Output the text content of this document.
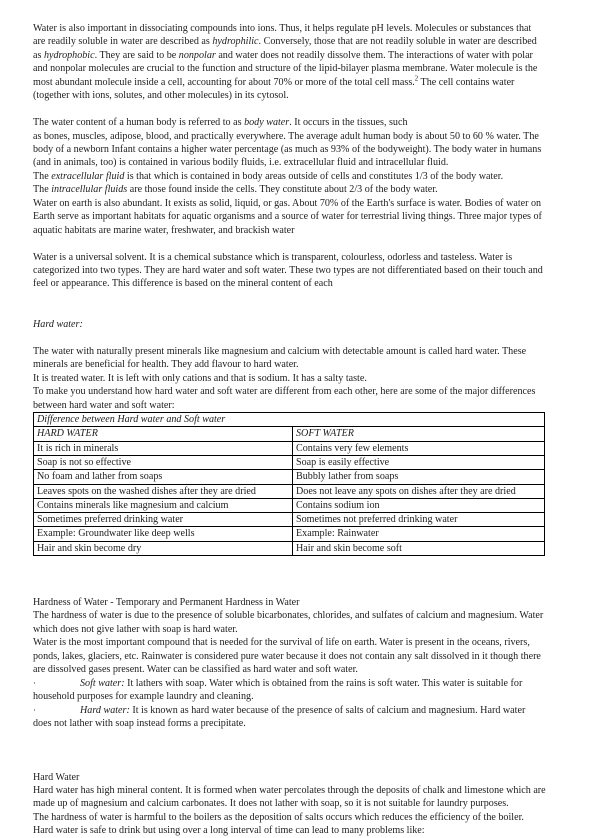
Water is also important in dissociating compounds into ions. Thus, it helps regulate pH levels. Molecules or substances that are readily soluble in water are described as hydrophilic. Conversely, those that are not readily soluble in water are described as hydrophobic. They are said to be nonpolar and water does not readily dissolve them. The interactions of water with polar and nonpolar molecules are crucial to the function and structure of the lipid-bilayer plasma membrane. Water molecule is the most abundant molecule inside a cell, accounting for about 70% or more of the total cell mass.$^2$ The cell contains water (together with ions, solutes, and other molecules) in its cytosol.

The water content of a human body is referred to as body water. It occurs in the tissues, such

as bones, muscles, adipose, blood, and practically everywhere. The average adult human body is about 50 to 60 % water. The body of a newborn Infant contains a higher water percentage (as much as 93% of the bodyweight). The body water in humans (and in animals, too) is contained in various bodily fluids, i.e. extracellular fluid and intracellular fluid.

The extracellular fluid is that which is contained in body areas outside of cells and constitutes 1/3 of the body water.

The intracellular fluids are those found inside the cells. They constitute about 2/3 of the body water.

Water on earth is also abundant. It exists as solid, liquid, or gas. About 70% of the Earth's surface is water. Bodies of water on Earth serve as important habitats for aquatic organisms and a source of water for terrestrial living things. Three major types of aquatic habitats are marine water, freshwater, and brackish water

Water is a universal solvent. It is a chemical substance which is transparent, colourless, odorless and tasteless. Water is categorized into two types. They are hard water and soft water. These two types are not differentiated based on their touch and feel or appearance. This difference is based on the mineral content of each

Hard water:

The water with naturally present minerals like magnesium and calcium with detectable amount is called hard water. These minerals are beneficial for health. They add flavour to hard water.

It is treated water. It is left with only cations and that is sodium. It has a salty taste.

To make you understand how hard water and soft water are different from each other, here are some of the major differences between hard water and soft water:

Difference between Hard water and Soft water	
HARD WATER	SOFT WATER
It is rich in minerals	Contains very few elements
Soap is not so effective	Soap is easily effective
No foam and lather from soaps	Bubbly lather from soaps
Leaves spots on the washed dishes after they are dried	Does not leave any spots on dishes after they are dried
Contains minerals like magnesium and calcium	Contains sodium ion
Sometimes preferred drinking water	Sometimes not preferred drinking water
Example: Groundwater like deep wells	Example: Rainwater
Hair and skin become dry	Hair and skin become soft

Hardness of Water - Temporary and Permanent Hardness in Water

The hardness of water is due to the presence of soluble bicarbonates, chlorides, and sulfates of calcium and magnesium. Water which does not give lather with soap is hard water.

Water is the most important compound that is needed for the survival of life on earth. Water is present in the oceans, rivers, ponds, lakes, glaciers, etc. Rainwater is considered pure water because it does not contain any salt dissolved in it though there are dissolved gases present. Water can be classified as hard water and soft water.

·	Soft water: It lathers with soap. Water which is obtained from the rains is soft water. This water is suitable for household purposes for example laundry and cleaning.

·	Hard water: It is known as hard water because of the presence of salts of calcium and magnesium. Hard water does not lather with soap instead forms a precipitate.

Hard Water

Hard water has high mineral content. It is formed when water percolates through the deposits of chalk and limestone which are made up of magnesium and calcium carbonates. It does not lather with soap, so it is not suitable for laundry purposes.

The hardness of water is harmful to the boilers as the deposition of salts occurs which reduces the efficiency of the boiler.

Hard water is safe to drink but using over a long interval of time can lead to many problems like:
